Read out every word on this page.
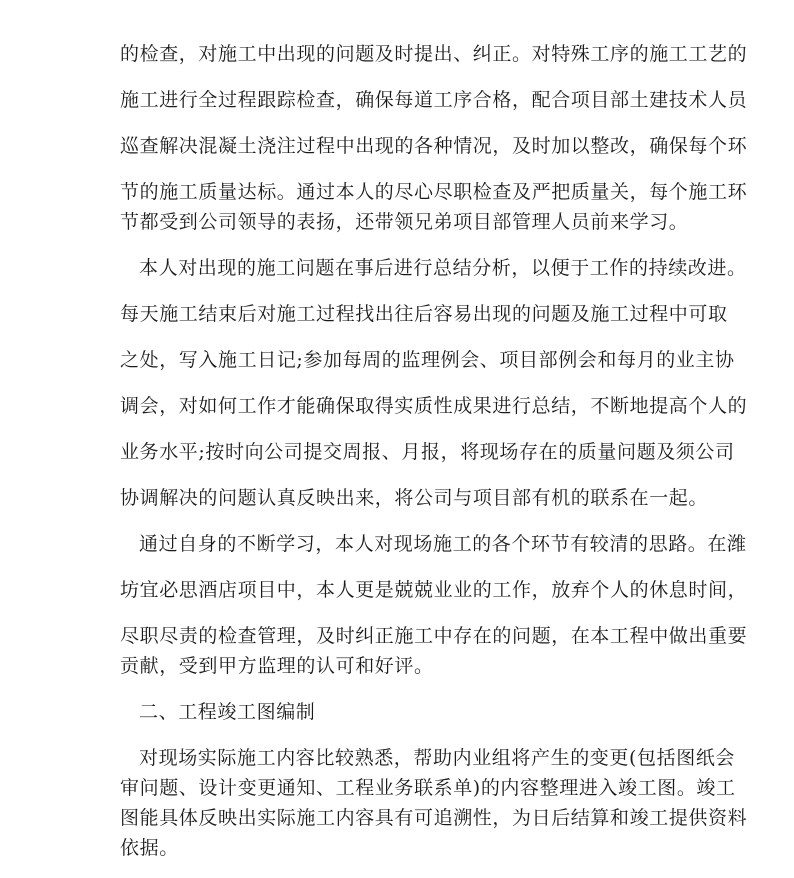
的检查，对施工中出现的问题及时提出、纠正。对特殊工序的施工工艺的
施工进行全过程跟踪检查，确保每道工序合格，配合项目部土建技术人员
巡查解决混凝土浇注过程中出现的各种情况，及时加以整改，确保每个环
节的施工质量达标。通过本人的尽心尽职检查及严把质量关，每个施工环
节都受到公司领导的表扬，还带领兄弟项目部管理人员前来学习。
本人对出现的施工问题在事后进行总结分析，以便于工作的持续改进。
每天施工结束后对施工过程找出往后容易出现的问题及施工过程中可取
之处，写入施工日记;参加每周的监理例会、项目部例会和每月的业主协
调会，对如何工作才能确保取得实质性成果进行总结，不断地提高个人的
业务水平;按时向公司提交周报、月报，将现场存在的质量问题及须公司
协调解决的问题认真反映出来，将公司与项目部有机的联系在一起。
通过自身的不断学习，本人对现场施工的各个环节有较清的思路。在潍
坊宜必思酒店项目中，本人更是兢兢业业的工作，放弃个人的休息时间，
尽职尽责的检查管理，及时纠正施工中存在的问题，在本工程中做出重要
贡献，受到甲方监理的认可和好评。
二、工程竣工图编制
对现场实际施工内容比较熟悉，帮助内业组将产生的变更(包括图纸会
审问题、设计变更通知、工程业务联系单)的内容整理进入竣工图。竣工
图能具体反映出实际施工内容具有可追溯性，为日后结算和竣工提供资料
依据。
